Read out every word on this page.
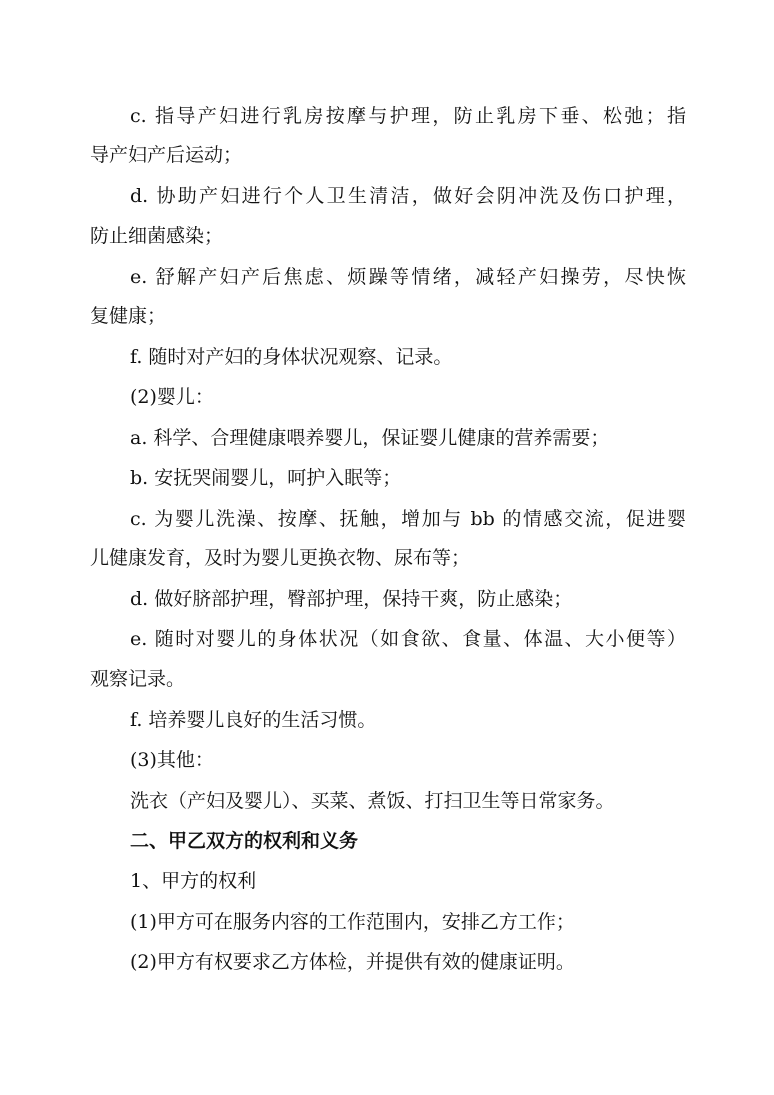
c. 指导产妇进行乳房按摩与护理，防止乳房下垂、松弛；指
导产妇产后运动；
d. 协助产妇进行个人卫生清洁，做好会阴冲洗及伤口护理，
防止细菌感染；
e. 舒解产妇产后焦虑、烦躁等情绪，减轻产妇操劳，尽快恢
复健康；
f. 随时对产妇的身体状况观察、记录。
(2)婴儿：
a. 科学、合理健康喂养婴儿，保证婴儿健康的营养需要；
b. 安抚哭闹婴儿，呵护入眠等；
c. 为婴儿洗澡、按摩、抚触，增加与 bb 的情感交流，促进婴
儿健康发育，及时为婴儿更换衣物、尿布等；
d. 做好脐部护理，臀部护理，保持干爽，防止感染；
e. 随时对婴儿的身体状况（如食欲、食量、体温、大小便等）
观察记录。
f. 培养婴儿良好的生活习惯。
(3)其他：
洗衣（产妇及婴儿）、买菜、煮饭、打扫卫生等日常家务。
二、甲乙双方的权利和义务
1、甲方的权利
(1)甲方可在服务内容的工作范围内，安排乙方工作；
(2)甲方有权要求乙方体检，并提供有效的健康证明。
